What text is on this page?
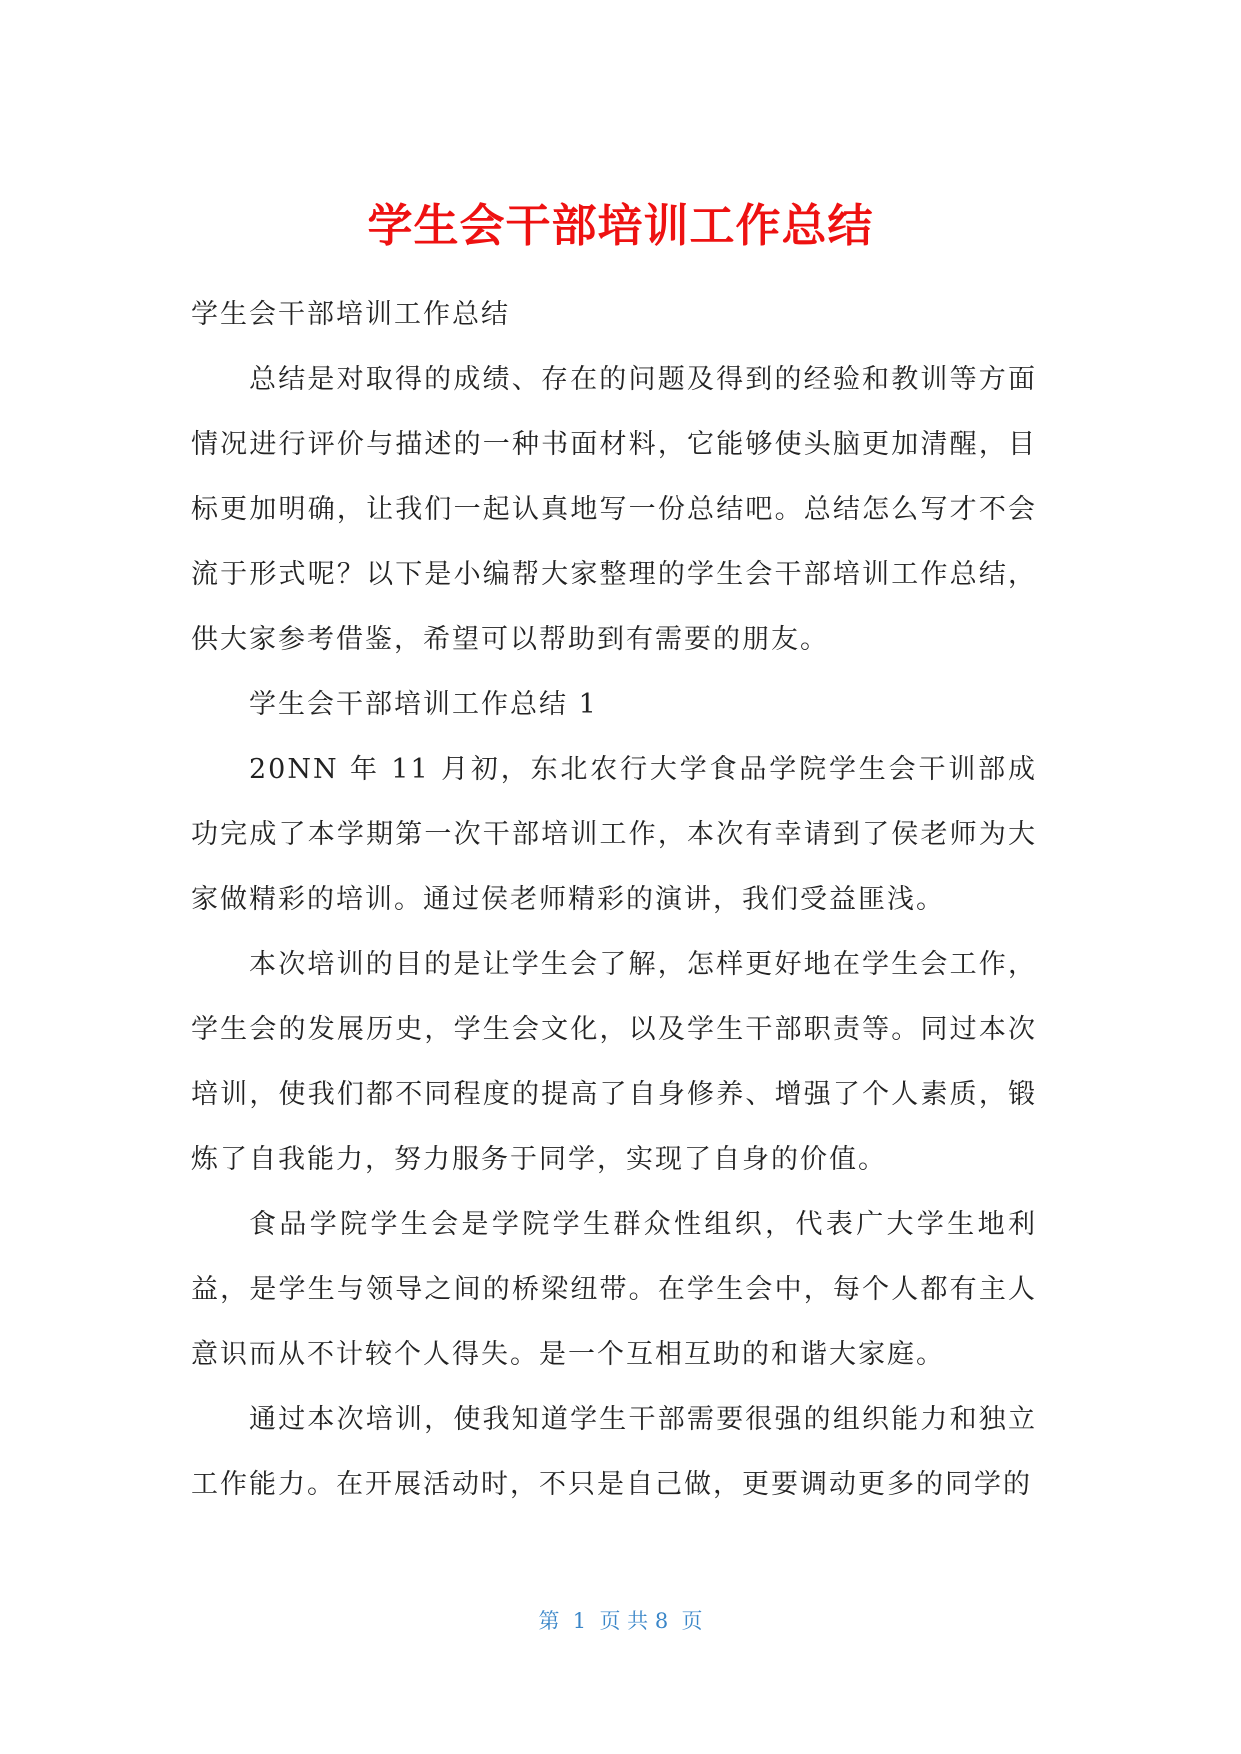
学生会干部培训工作总结

学生会干部培训工作总结

总结是对取得的成绩、存在的问题及得到的经验和教训等方面情况进行评价与描述的一种书面材料，它能够使头脑更加清醒，目标更加明确，让我们一起认真地写一份总结吧。总结怎么写才不会流于形式呢？以下是小编帮大家整理的学生会干部培训工作总结，供大家参考借鉴，希望可以帮助到有需要的朋友。

学生会干部培训工作总结 1

20NN 年 11 月初，东北农行大学食品学院学生会干训部成功完成了本学期第一次干部培训工作，本次有幸请到了侯老师为大家做精彩的培训。通过侯老师精彩的演讲，我们受益匪浅。

本次培训的目的是让学生会了解，怎样更好地在学生会工作，学生会的发展历史，学生会文化，以及学生干部职责等。同过本次培训，使我们都不同程度的提高了自身修养、增强了个人素质，锻炼了自我能力，努力服务于同学，实现了自身的价值。

食品学院学生会是学院学生群众性组织，代表广大学生地利益，是学生与领导之间的桥梁纽带。在学生会中，每个人都有主人意识而从不计较个人得失。是一个互相互助的和谐大家庭。

通过本次培训，使我知道学生干部需要很强的组织能力和独立工作能力。在开展活动时，不只是自己做，更要调动更多的同学的

第  1  页 共 8  页
